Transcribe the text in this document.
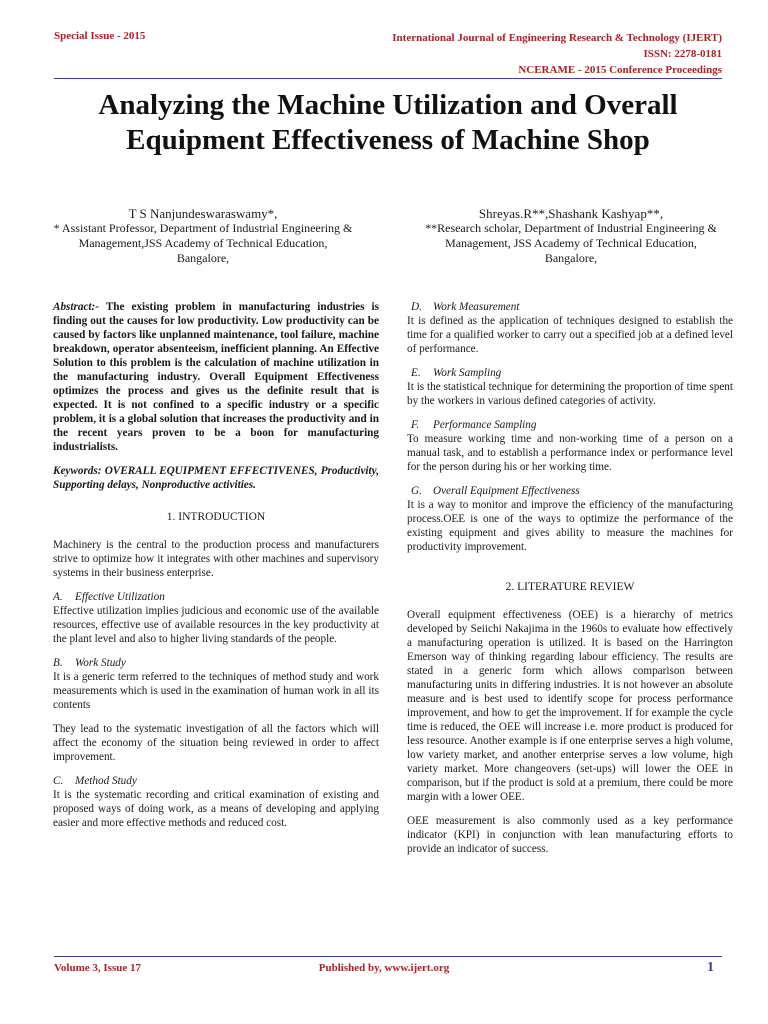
Special Issue - 2015	International Journal of Engineering Research & Technology (IJERT)
ISSN: 2278-0181
NCERAME - 2015 Conference Proceedings
Analyzing the Machine Utilization and Overall
Equipment Effectiveness of Machine Shop
T S Nanjundeswaraswamy*,
* Assistant Professor, Department of Industrial Engineering &
Management,JSS Academy of Technical Education,
Bangalore,
Shreyas.R**,Shashank Kashyap**,
**Research scholar, Department of Industrial Engineering &
Management, JSS Academy of Technical Education,
Bangalore,

Abstract:- The existing problem in manufacturing industries is finding out the causes for low productivity. Low productivity can be caused by factors like unplanned maintenance, tool failure, machine breakdown, operator absenteeism, inefficient planning. An Effective Solution to this problem is the calculation of machine utilization in the manufacturing industry. Overall Equipment Effectiveness optimizes the process and gives us the definite result that is expected. It is not confined to a specific industry or a specific problem, it is a global solution that increases the productivity and in the recent years proven to be a boon for manufacturing industrialists.

Keywords: OVERALL EQUIPMENT EFFECTIVENES, Productivity, Supporting delays, Nonproductive activities.

1. INTRODUCTION

Machinery is the central to the production process and manufacturers strive to optimize how it integrates with other machines and supervisory systems in their business enterprise.

A. Effective Utilization

Effective utilization implies judicious and economic use of the available resources, effective use of available resources in the key productivity at the plant level and also to higher living standards of the people.

B. Work Study

It is a generic term referred to the techniques of method study and work measurements which is used in the examination of human work in all its contents

They lead to the systematic investigation of all the factors which will affect the economy of the situation being reviewed in order to affect improvement.

C. Method Study

It is the systematic recording and critical examination of existing and proposed ways of doing work, as a means of developing and applying easier and more effective methods and reduced cost.

D. Work Measurement

It is defined as the application of techniques designed to establish the time for a qualified worker to carry out a specified job at a defined level of performance.

E. Work Sampling

It is the statistical technique for determining the proportion of time spent by the workers in various defined categories of activity.

F. Performance Sampling

To measure working time and non-working time of a person on a manual task, and to establish a performance index or performance level for the person during his or her working time.

G. Overall Equipment Effectiveness

It is a way to monitor and improve the efficiency of the manufacturing process.OEE is one of the ways to optimize the performance of the existing equipment and gives ability to measure the machines for productivity improvement.

2. LITERATURE REVIEW

Overall equipment effectiveness (OEE) is a hierarchy of metrics developed by Seiichi Nakajima in the 1960s to evaluate how effectively a manufacturing operation is utilized. It is based on the Harrington Emerson way of thinking regarding labour efficiency. The results are stated in a generic form which allows comparison between manufacturing units in differing industries. It is not however an absolute measure and is best used to identify scope for process performance improvement, and how to get the improvement. If for example the cycle time is reduced, the OEE will increase i.e. more product is produced for less resource. Another example is if one enterprise serves a high volume, low variety market, and another enterprise serves a low volume, high variety market. More changeovers (set-ups) will lower the OEE in comparison, but if the product is sold at a premium, there could be more margin with a lower OEE.

OEE measurement is also commonly used as a key performance indicator (KPI) in conjunction with lean manufacturing efforts to provide an indicator of success.

Volume 3, Issue 17	Published by, www.ijert.org	1
